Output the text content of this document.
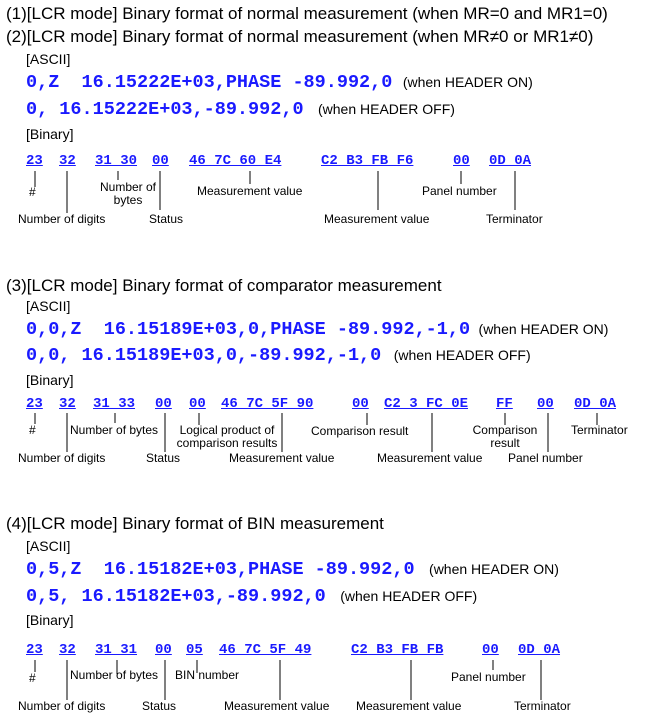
(1)[LCR mode] Binary format of normal measurement (when MR=0 and MR1=0)
(2)[LCR mode] Binary format of normal measurement (when MR≠0 or MR1≠0)
[ASCII]
0,Z  16.15222E+03,PHASE -89.992,0 (when HEADER ON)
0, 16.15222E+03,-89.992,0 (when HEADER OFF)
[Binary]
23 32 31 30 00 46 7C 60 E4	C2 B3 FB F6	00 0D 0A
#	Number of
bytes
Measurement value	Panel number
Number of digits	Status	Measurement value	Terminator
(3)[LCR mode] Binary format of comparator measurement
[ASCII]
0,0,Z  16.15189E+03,0,PHASE -89.992,-1,0 (when HEADER ON)
0,0, 16.15189E+03,0,-89.992,-1,0 (when HEADER OFF)
[Binary]
23 32 31 33 00 00 46 7C 5F 90	00 C2 3 FC 0E FF 00 0D 0A
#	Number of bytes	Logical product of
comparison results
Comparison result	Comparison
result
Terminator
Number of digits	Status	Measurement value	Measurement value Panel number
(4)[LCR mode] Binary format of BIN measurement
[ASCII]
0,5,Z  16.15182E+03,PHASE -89.992,0 (when HEADER ON)
0,5, 16.15182E+03,-89.992,0 (when HEADER OFF)
[Binary]
23 32 31 31 00 05 46 7C 5F 49	C2 B3 FB FB	00 0D 0A
#	Number of bytes BIN number	Panel number
Number of digits	Status	Measurement value Measurement value	Terminator
